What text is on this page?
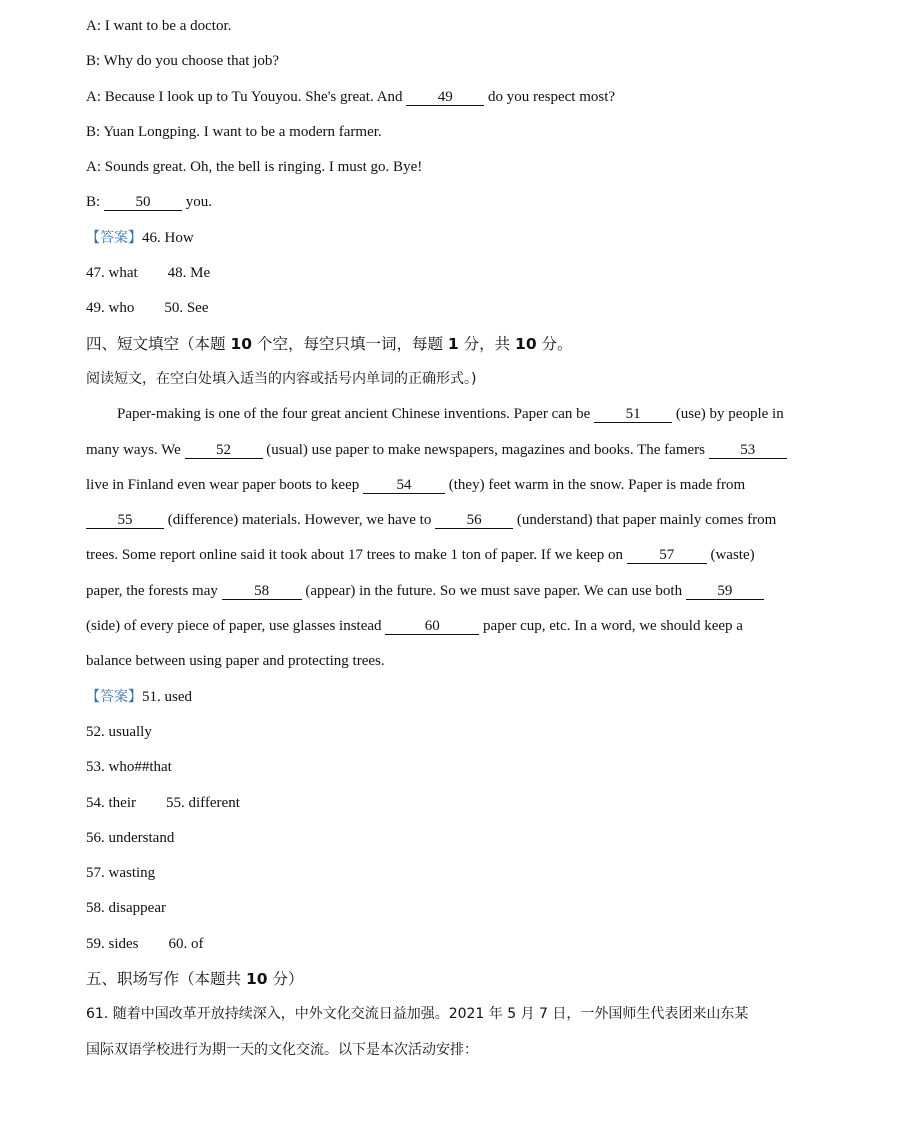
A: I want to be a doctor.
B: Why do you choose that job?
A: Because I look up to Tu Youyou. She's great. And 49 do you respect most?
B: Yuan Longping. I want to be a modern farmer.
A: Sounds great. Oh, the bell is ringing. I must go. Bye!
B: 50 you.
【答案】46. How
47. what 48. Me
49. who 50. See
四、短文填空（本题 10 个空，每空只填一词，每题 1 分，共 10 分。
阅读短文，在空白处填入适当的内容或括号内单词的正确形式。)
Paper-making is one of the four great ancient Chinese inventions. Paper can be 51 (use) by people in
many ways. We 52 (usual) use paper to make newspapers, magazines and books. The famers 53
live in Finland even wear paper boots to keep 54 (they) feet warm in the snow. Paper is made from
55 (difference) materials. However, we have to 56 (understand) that paper mainly comes from
trees. Some report online said it took about 17 trees to make 1 ton of paper. If we keep on 57 (waste)
paper, the forests may 58 (appear) in the future. So we must save paper. We can use both 59
(side) of every piece of paper, use glasses instead	60	paper cup, etc. In a word, we should keep a
balance between using paper and protecting trees.
【答案】51. used
52. usually
53. who##that
54. their 55. different
56. understand
57. wasting
58. disappear
59. sides 60. of
五、职场写作（本题共 10 分）
61. 随着中国改革开放持续深入，中外文化交流日益加强。2021 年 5 月 7 日，一外国师生代表团来山东某
国际双语学校进行为期一天的文化交流。以下是本次活动安排：
